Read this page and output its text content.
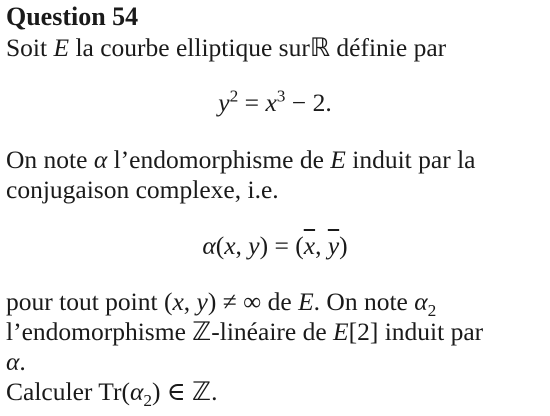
Question 54
Soit E la courbe elliptique surℝ définie par
$y^2 = x^3 - 2$.
On note α l’endomorphisme de E induit par la
conjugaison complexe, i.e.
α(x, $y) = (\overline{x}$, $\overline{y}$)
pour tout point (x, y) ≠ ∞ de E. On note $\alpha_2$
l’endomorphisme ℤ-linéaire de E[2] induit par
α.
Calculer $Tr(\alpha_2)$ ∈ ℤ.
